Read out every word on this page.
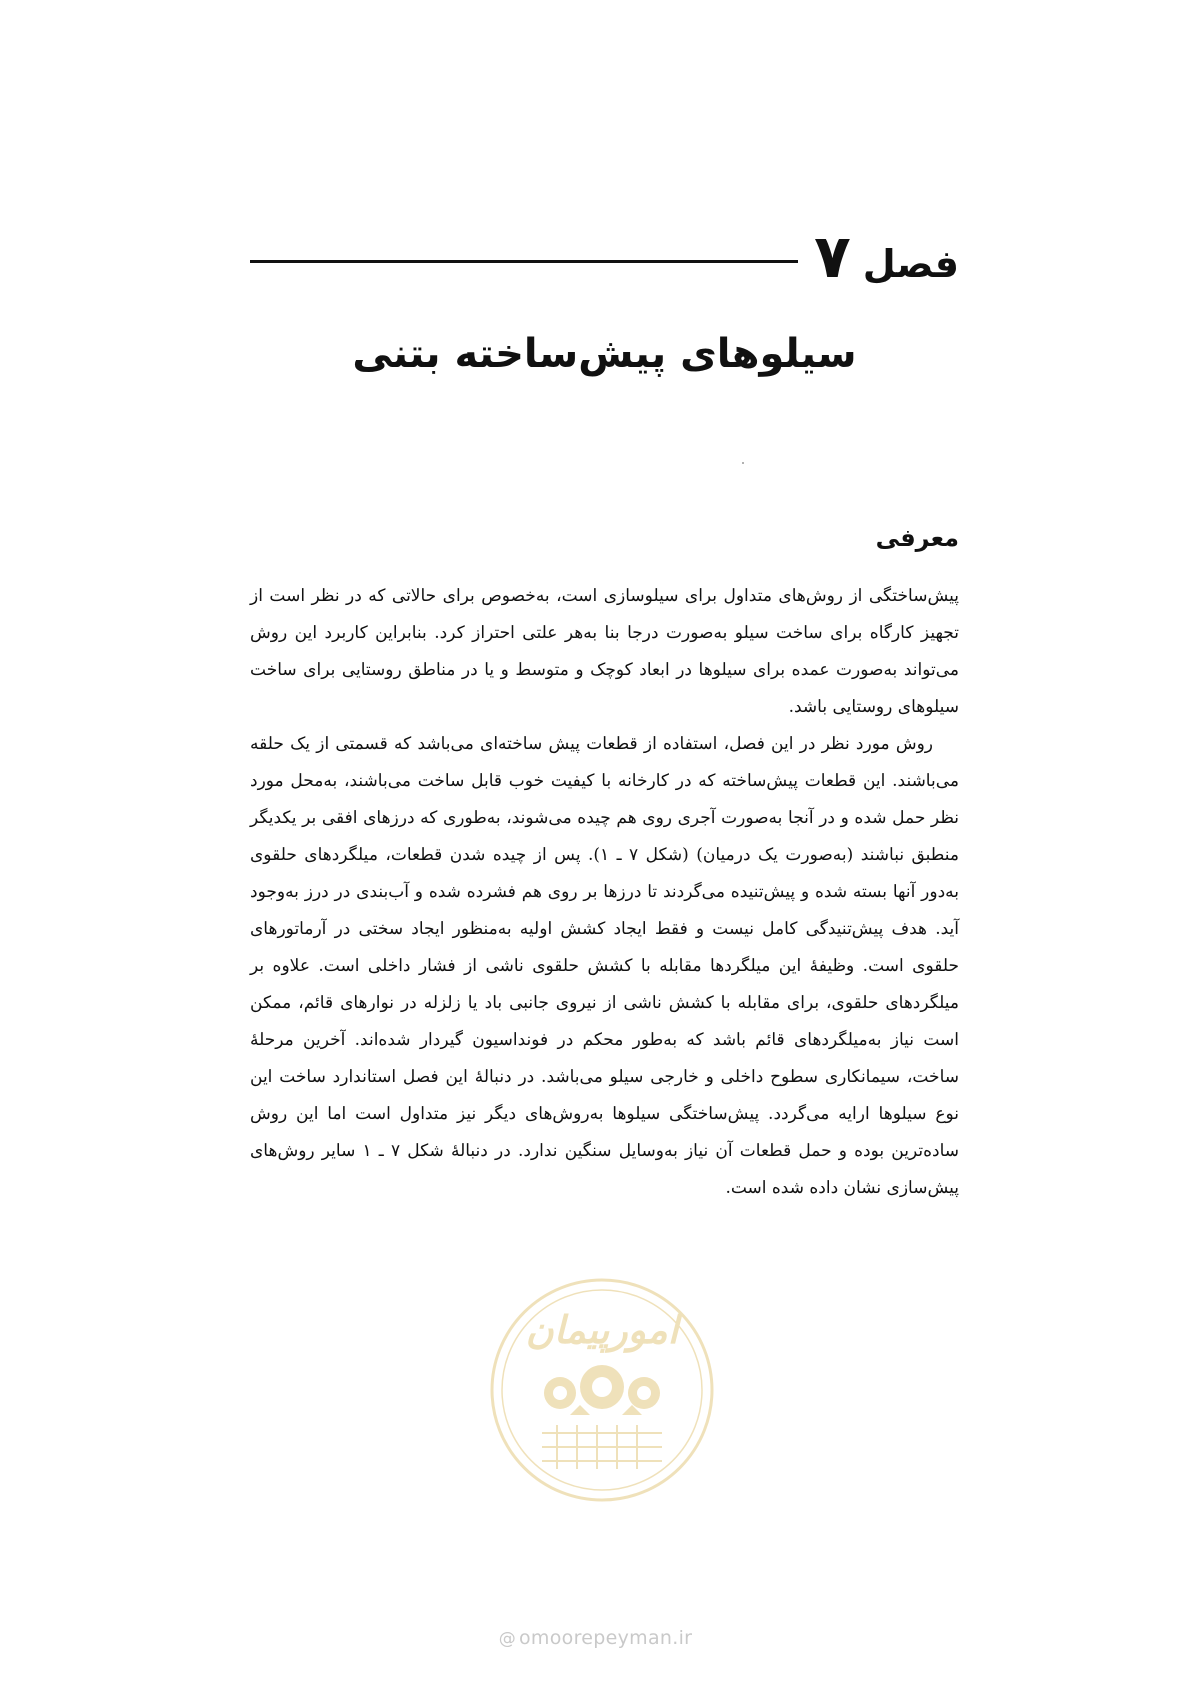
فصل
۷
سیلوهای پیش‌ساخته بتنی
معرفی

پیش‌ساختگی از روش‌های متداول برای سیلوسازی است، به‌خصوص برای حالاتی که در نظر است از تجهیز کارگاه برای ساخت سیلو به‌صورت درجا بنا به‌هر علتی احتراز کرد. بنابراین کاربرد این روش می‌تواند به‌صورت عمده برای سیلوها در ابعاد کوچک و متوسط و یا در مناطق روستایی برای ساخت سیلوهای روستایی باشد.

روش مورد نظر در این فصل، استفاده از قطعات پیش ساخته‌ای می‌باشد که قسمتی از یک حلقه می‌باشند. این قطعات پیش‌ساخته که در کارخانه با کیفیت خوب قابل ساخت می‌باشند، به‌محل مورد نظر حمل شده و در آنجا به‌صورت آجری روی هم چیده می‌شوند، به‌طوری که درزهای افقی بر یکدیگر منطبق نباشند (به‌صورت یک درمیان) (شکل ۷ ـ ۱). پس از چیده شدن قطعات، میلگردهای حلقوی به‌دور آنها بسته شده و پیش‌تنیده می‌گردند تا درزها بر روی هم فشرده شده و آب‌بندی در درز به‌وجود آید. هدف پیش‌تنیدگی کامل نیست و فقط ایجاد کشش اولیه به‌منظور ایجاد سختی در آرماتورهای حلقوی است. وظیفهٔ این میلگردها مقابله با کشش حلقوی ناشی از فشار داخلی است. علاوه بر میلگردهای حلقوی، برای مقابله با کشش ناشی از نیروی جانبی باد یا زلزله در نوارهای قائم، ممکن است نیاز به‌میلگردهای قائم باشد که به‌طور محکم در فونداسیون گیردار شده‌اند. آخرین مرحلهٔ ساخت، سیمانکاری سطوح داخلی و خارجی سیلو می‌باشد. در دنبالهٔ این فصل استاندارد ساخت این نوع سیلوها ارایه می‌گردد. پیش‌ساختگی سیلوها به‌روش‌های دیگر نیز متداول است اما این روش ساده‌ترین بوده و حمل قطعات آن نیاز به‌وسایل سنگین ندارد. در دنبالهٔ شکل ۷ ـ ۱ سایر روش‌های پیش‌سازی نشان داده شده است.

امورپیمان
@ omoorepeyman.ir
